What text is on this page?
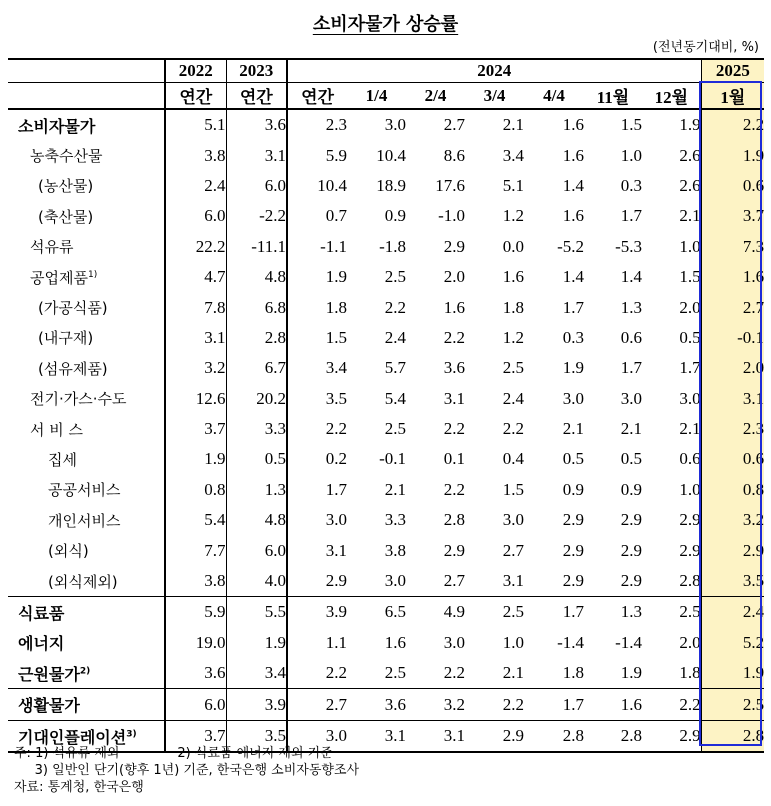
소비자물가 상승률
(전년동기대비, %)
	2022	2023	2024							2025
	연간	연간	연간	1/4	2/4	3/4	4/4	11월	12월	1월
소비자물가	5.1	3.6	2.3	3.0	2.7	2.1	1.6	1.5	1.9	2.2
농축수산물	3.8	3.1	5.9	10.4	8.6	3.4	1.6	1.0	2.6	1.9
(농산물)	2.4	6.0	10.4	18.9	17.6	5.1	1.4	0.3	2.6	0.6
(축산물)	6.0	-2.2	0.7	0.9	-1.0	1.2	1.6	1.7	2.1	3.7
석유류	22.2	-11.1	-1.1	-1.8	2.9	0.0	-5.2	-5.3	1.0	7.3
공업제품$^{1)}$	4.7	4.8	1.9	2.5	2.0	1.6	1.4	1.4	1.5	1.6
(가공식품)	7.8	6.8	1.8	2.2	1.6	1.8	1.7	1.3	2.0	2.7
(내구재)	3.1	2.8	1.5	2.4	2.2	1.2	0.3	0.6	0.5	-0.1
(섬유제품)	3.2	6.7	3.4	5.7	3.6	2.5	1.9	1.7	1.7	2.0
전기·가스·수도	12.6	20.2	3.5	5.4	3.1	2.4	3.0	3.0	3.0	3.1
서 비 스	3.7	3.3	2.2	2.5	2.2	2.2	2.1	2.1	2.1	2.3
집세	1.9	0.5	0.2	-0.1	0.1	0.4	0.5	0.5	0.6	0.6
공공서비스	0.8	1.3	1.7	2.1	2.2	1.5	0.9	0.9	1.0	0.8
개인서비스	5.4	4.8	3.0	3.3	2.8	3.0	2.9	2.9	2.9	3.2
(외식)	7.7	6.0	3.1	3.8	2.9	2.7	2.9	2.9	2.9	2.9
(외식제외)	3.8	4.0	2.9	3.0	2.7	3.1	2.9	2.9	2.8	3.5
식료품	5.9	5.5	3.9	6.5	4.9	2.5	1.7	1.3	2.5	2.4
에너지	19.0	1.9	1.1	1.6	3.0	1.0	-1.4	-1.4	2.0	5.2
근원물가$^{2)}$	3.6	3.4	2.2	2.5	2.2	2.1	1.8	1.9	1.8	1.9
생활물가	6.0	3.9	2.7	3.6	3.2	2.2	1.7	1.6	2.2	2.5
기대인플레이션$^{3)}$	3.7	3.5	3.0	3.1	3.1	2.9	2.8	2.8	2.9	2.8
주: 1) 석유류 제외              2) 식료품·에너지 제외 기준
3) 일반인 단기(향후 1년) 기준, 한국은행 소비자동향조사
자료: 통계청, 한국은행
